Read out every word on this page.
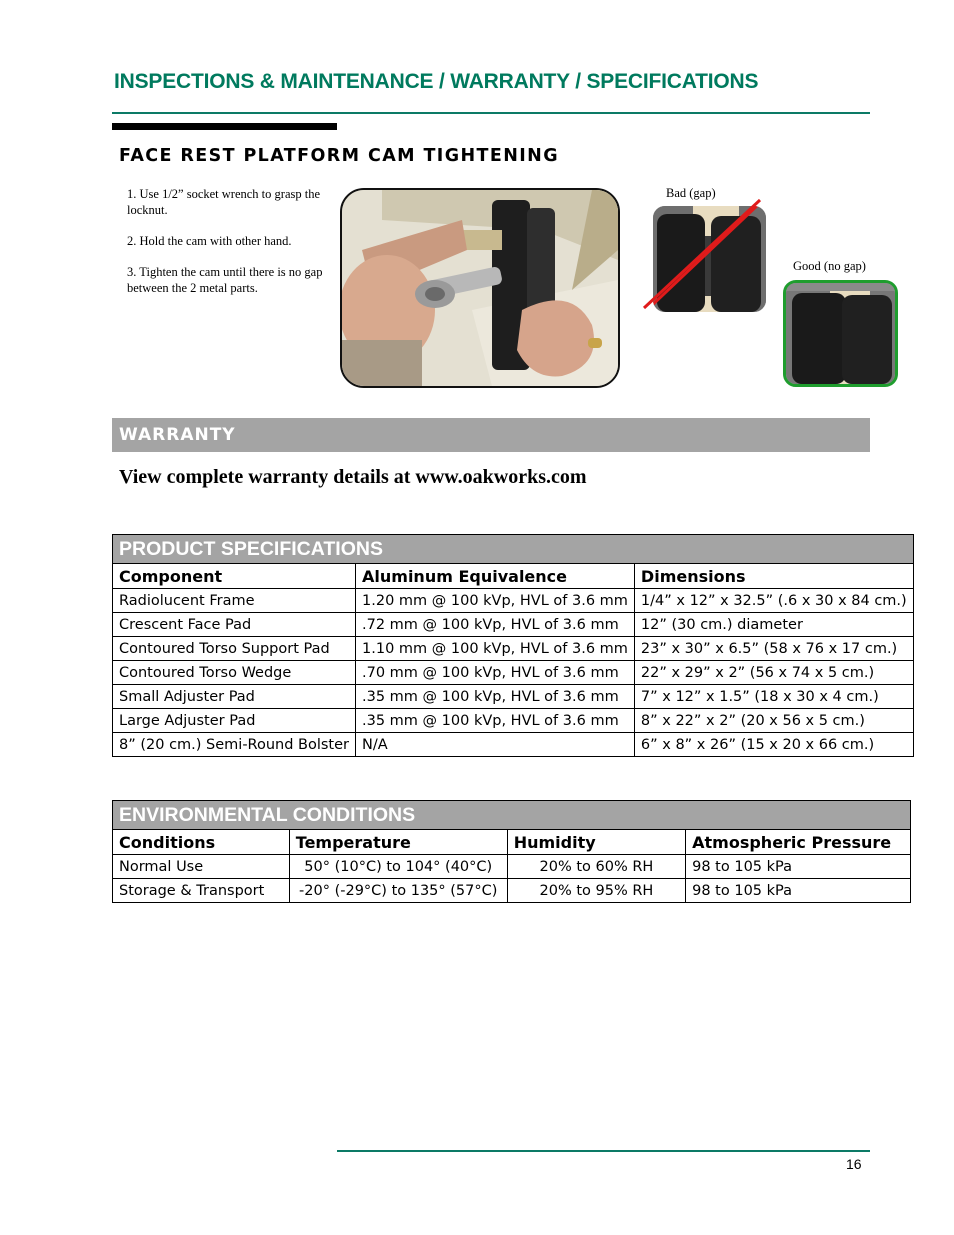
INSPECTIONS & MAINTENANCE / WARRANTY / SPECIFICATIONS
FACE REST PLATFORM CAM TIGHTENING
1. Use 1/2” socket wrench to grasp the locknut.
2. Hold the cam with other hand.
3. Tighten the cam until there is no gap between the 2 metal parts.
Bad (gap)
Good (no gap)
WARRANTY
View complete warranty details at www.oakworks.com
PRODUCT SPECIFICATIONS		
Component	Aluminum Equivalence	Dimensions
Radiolucent Frame	1.20 mm @ 100 kVp, HVL of 3.6 mm	1/4” x 12” x 32.5” (.6 x 30 x 84 cm.)
Crescent Face Pad	.72 mm @ 100 kVp, HVL of 3.6 mm	12” (30 cm.) diameter
Contoured Torso Support Pad	1.10 mm @ 100 kVp, HVL of 3.6 mm	23” x 30” x 6.5” (58 x 76 x 17 cm.)
Contoured Torso Wedge	.70 mm @ 100 kVp, HVL of 3.6 mm	22” x 29” x 2” (56 x 74 x 5 cm.)
Small Adjuster Pad	.35 mm @ 100 kVp, HVL of 3.6 mm	7” x 12” x 1.5” (18 x 30 x 4 cm.)
Large Adjuster Pad	.35 mm @ 100 kVp, HVL of 3.6 mm	8” x 22” x 2” (20 x 56 x 5 cm.)
8” (20 cm.) Semi-Round Bolster	N/A	6” x 8” x 26” (15 x 20 x 66 cm.)
ENVIRONMENTAL CONDITIONS			
Conditions	Temperature	Humidity	Atmospheric Pressure
Normal Use	50° (10°C) to 104° (40°C)	20% to 60% RH	98 to 105 kPa
Storage & Transport	-20° (-29°C) to 135° (57°C)	20% to 95% RH	98 to 105 kPa
16
